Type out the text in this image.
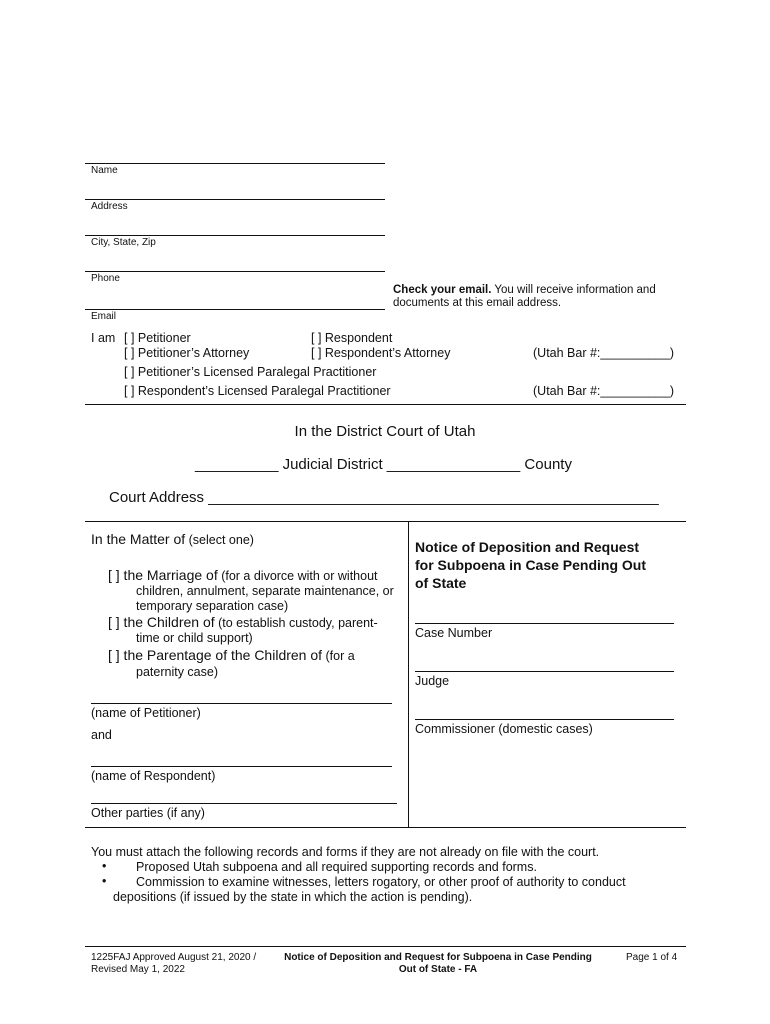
Name
Address
City, State, Zip
Phone
Check your email. You will receive information and
documents at this email address.
Email
I am [ ] Petitioner
[ ] Petitioner’s Attorney
[ ] Respondent
[ ] Respondent’s Attorney	(Utah Bar #:__________)
[ ] Petitioner’s Licensed Paralegal Practitioner
[ ] Respondent’s Licensed Paralegal Practitioner	(Utah Bar #:__________)
In the District Court of Utah
__________ Judicial District ________________ County
Court Address ______________________________________________________
In the Matter of (select one)
[ ] the Marriage of (for a divorce with or without
children, annulment, separate maintenance, or
temporary separation case)
[ ] the Children of (to establish custody, parent-
time or child support)
[ ] the Parentage of the Children of (for a
paternity case)
(name of Petitioner)
and
(name of Respondent)
Other parties (if any)
Notice of Deposition and Request
for Subpoena in Case Pending Out
of State
Case Number
Judge
Commissioner (domestic cases)
You must attach the following records and forms if they are not already on file with the court.
• Proposed Utah subpoena and all required supporting records and forms.
• Commission to examine witnesses, letters rogatory, or other proof of authority to conduct
depositions (if issued by the state in which the action is pending).
1225FAJ Approved August 21, 2020 /
Revised May 1, 2022
Notice of Deposition and Request for Subpoena in Case Pending
Out of State - FA
Page 1 of 4
